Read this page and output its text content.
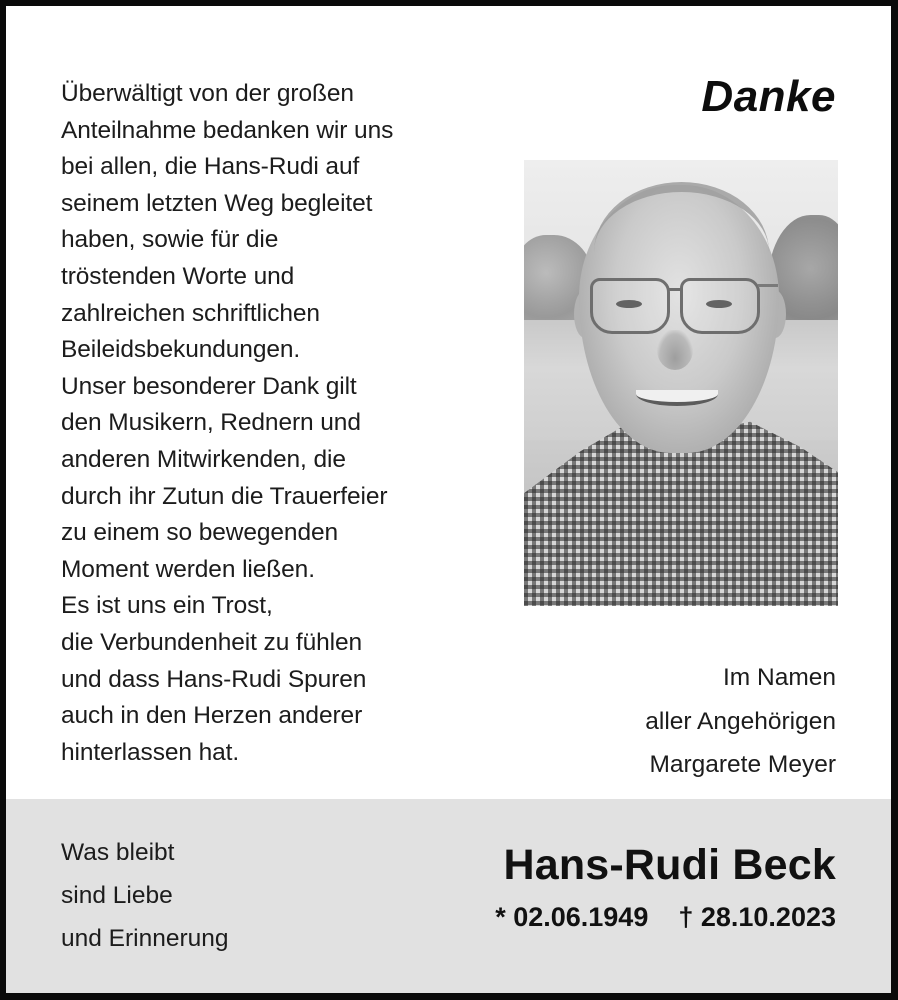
Überwältigt von der großen
Anteilnahme bedanken wir uns
bei allen, die Hans-Rudi auf
seinem letzten Weg begleitet
haben, sowie für die
tröstenden Worte und
zahlreichen schriftlichen
Beileidsbekundungen.
Unser besonderer Dank gilt
den Musikern, Rednern und
anderen Mitwirkenden, die
durch ihr Zutun die Trauerfeier
zu einem so bewegenden
Moment werden ließen.
Es ist uns ein Trost,
die Verbundenheit zu fühlen
und dass Hans-Rudi Spuren
auch in den Herzen anderer
hinterlassen hat.
Danke
Im Namen
aller Angehörigen
Margarete Meyer
Was bleibt
sind Liebe
und Erinnerung
Hans-Rudi Beck
* 02.06.1949 † 28.10.2023
